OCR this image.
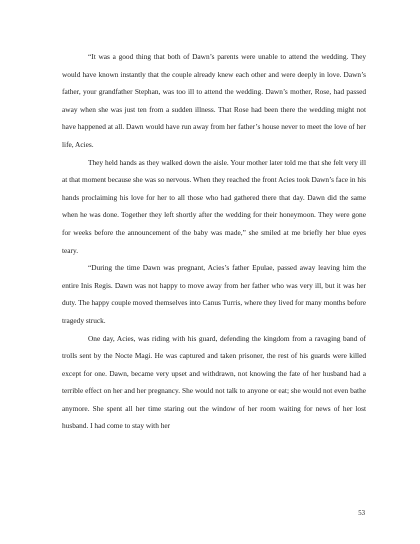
“It was a good thing that both of Dawn’s parents were unable to attend the wedding. They would have known instantly that the couple already knew each other and were deeply in love. Dawn’s father, your grandfather Stephan, was too ill to attend the wedding. Dawn’s mother, Rose, had passed away when she was just ten from a sudden illness. That Rose had been there the wedding might not have happened at all. Dawn would have run away from her father’s house never to meet the love of her life, Acies.

They held hands as they walked down the aisle. Your mother later told me that she felt very ill at that moment because she was so nervous. When they reached the front Acies took Dawn’s face in his hands proclaiming his love for her to all those who had gathered there that day. Dawn did the same when he was done. Together they left shortly after the wedding for their honeymoon. They were gone for weeks before the announcement of the baby was made,” she smiled at me briefly her blue eyes teary.

“During the time Dawn was pregnant, Acies’s father Epulae, passed away leaving him the entire Inis Regis. Dawn was not happy to move away from her father who was very ill, but it was her duty. The happy couple moved themselves into Canus Turris, where they lived for many months before tragedy struck.

One day, Acies, was riding with his guard, defending the kingdom from a ravaging band of trolls sent by the Nocte Magi. He was captured and taken prisoner, the rest of his guards were killed except for one. Dawn, became very upset and withdrawn, not knowing the fate of her husband had a terrible effect on her and her pregnancy. She would not talk to anyone or eat; she would not even bathe anymore. She spent all her time staring out the window of her room waiting for news of her lost husband. I had come to stay with her

53
